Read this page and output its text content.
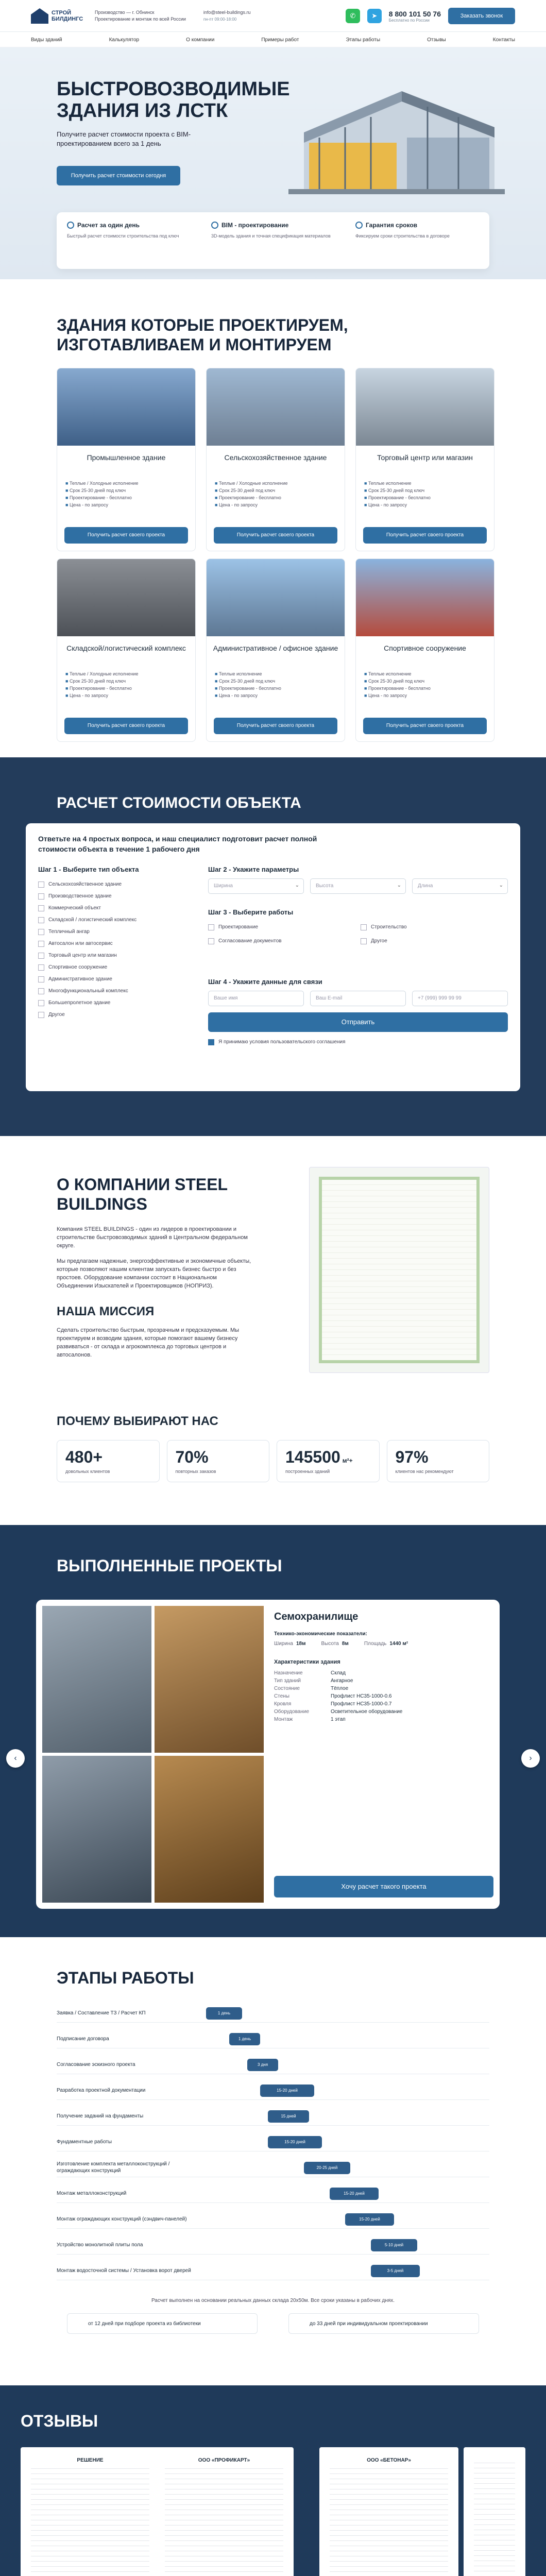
СТРОЙ БИЛДИНГС
Производство — г. Обнинск
Проектирование и монтаж по всей России
info@steel-buildings.ru
пн-пт 09:00-18:00	✆	➤	8 800 101 50 76
Бесплатно по России
Заказать звонок
Виды зданий	Калькулятор	О компании	Примеры работ	Этапы работы	Отзывы	Контакты
БЫСТРОВОЗВОДИМЫЕ ЗДАНИЯ ИЗ ЛСТК
Получите расчет стоимости проекта с BIM-проектированием всего за 1 день
Получить расчет стоимости сегодня
Расчет за один день
Быстрый расчет стоимости строительства под ключ
BIM - проектирование
3D-модель здания и точная спецификация материалов
Гарантия сроков
Фиксируем сроки строительства в договоре
ЗДАНИЯ КОТОРЫЕ ПРОЕКТИРУЕМ, ИЗГОТАВЛИВАЕМ И МОНТИРУЕМ
Промышленное здание
■ Теплые / Холодные исполнение
■ Срок 25-30 дней под ключ
■ Проектирование - бесплатно
■ Цена - по запросу
Получить расчет своего проекта
Сельскохозяйственное здание
■ Теплые / Холодные исполнение
■ Срок 25-30 дней под ключ
■ Проектирование - бесплатно
■ Цена - по запросу
Получить расчет своего проекта
Торговый центр или магазин
■ Теплые исполнение
■ Срок 25-30 дней под ключ
■ Проектирование - бесплатно
■ Цена - по запросу
Получить расчет своего проекта
Складской/логистический комплекс
■ Теплые / Холодные исполнение
■ Срок 25-30 дней под ключ
■ Проектирование - бесплатно
■ Цена - по запросу
Получить расчет своего проекта
Административное / офисное здание
■ Теплые исполнение
■ Срок 25-30 дней под ключ
■ Проектирование - бесплатно
■ Цена - по запросу
Получить расчет своего проекта
Спортивное сооружение
■ Теплые исполнение
■ Срок 25-30 дней под ключ
■ Проектирование - бесплатно
■ Цена - по запросу
Получить расчет своего проекта
РАСЧЕТ СТОИМОСТИ ОБЪЕКТА
Ответьте на 4 простых вопроса, и наш специалист подготовит расчет полной стоимости объекта в течение 1 рабочего дня
Шаг 1 - Выберите тип объекта
Сельскохозяйственное здание
Производственное здание
Коммерческий объект
Складской / логистический комплекс
Тепличный ангар
Автосалон или автосервис
Торговый центр или магазин
Спортивное сооружение
Административное здание
Многофункциональный комплекс
Большепролетное здание
Другое
Шаг 2 - Укажите параметры
Ширина	⌄	Высота	⌄	Длина	⌄
Шаг 3 - Выберите работы
Проектирование	Строительство
Согласование документов	Другое
Шаг 4 - Укажите данные для связи
Ваше имя	Ваш E-mail	+7 (999) 999 99 99
Отправить
Я принимаю условия пользовательского соглашения
О КОМПАНИИ STEEL BUILDINGS

Компания STEEL BUILDINGS - один из лидеров в проектировании и строительстве быстровозводимых зданий в Центральном федеральном округе.

Мы предлагаем надежные, энергоэффективные и экономичные объекты, которые позволяют нашим клиентам запускать бизнес быстро и без простоев. Оборудование компании состоит в Национальном Объединении Изыскателей и Проектировщиков (НОПРИЗ).

НАША МИССИЯ

Сделать строительство быстрым, прозрачным и предсказуемым. Мы проектируем и возводим здания, которые помогают вашему бизнесу развиваться - от склада и агрокомплекса до торговых центров и автосалонов.

ПОЧЕМУ ВЫБИРАЮТ НАС
480+
довольных клиентов
70%
повторных заказов
145500 м²+
построенных зданий
97%
клиентов нас рекомендуют
ВЫПОЛНЕННЫЕ ПРОЕКТЫ
‹	›
Семохранилище
Технико-экономические показатели:
Ширина 18м	Высота 8м	Площадь 1440 м²
Характеристики здания
Назначение	Склад
Тип зданий	Ангарное
Состояние	Тёплое
Стены	Профлист НС35-1000-0.6
Кровля	Профлист НС35-1000-0.7
Оборудование	Осветительное оборудование
Монтаж	1 этап
Хочу расчет такого проекта
ЭТАПЫ РАБОТЫ
Заявка / Составление ТЗ / Расчет КП	1 день
Подписание договора	1 день
Согласование эскизного проекта	3 дня
Разработка проектной документации	15-20 дней
Получение заданий на фундаменты	15 дней
Фундаментные работы	15-20 дней
Изготовление комплекта металлоконструкций / ограждающих конструкций
20-25 дней
Монтаж металлоконструкций	15-20 дней
Монтаж ограждающих конструкций (сэндвич-панелей)	15-20 дней
Устройство монолитной плиты пола	5-10 дней
Монтаж водосточной системы / Установка ворот дверей	3-5 дней
Расчет выполнен на основании реальных данных склада 20х50м. Все сроки указаны в рабочих днях.
от 12 дней при подборе проекта из библиотеки	до 33 дней при индивидуальном проектировании
ОТЗЫВЫ
РЕШЕНИЕ	ООО «ПРОФИКАРТ»	ООО «БЕТОНАР»
